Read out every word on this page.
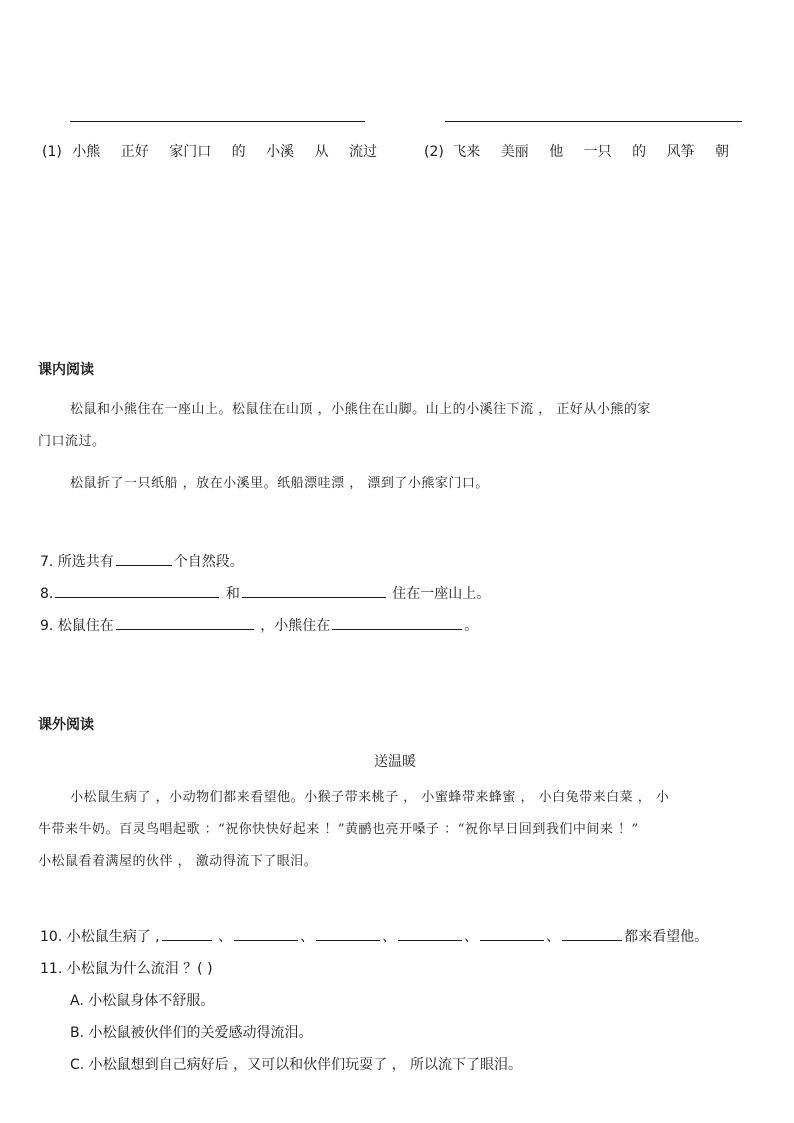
(1) 小熊 正好 家门口 的 小溪 从 流过	(2) 飞来 美丽 他 一只 的 风筝 朝
课内阅读
松鼠和小熊住在一座山上。松鼠住在山顶 ，小熊住在山脚。山上的小溪往下流 ， 正好从小熊的家
门口流过。
松鼠折了一只纸船 ，放在小溪里。纸船漂哇漂 ， 漂到了小熊家门口。
7. 所选共有	个自然段。
8.	和	住在一座山上。
9. 松鼠住在	，小熊住在	。
课外阅读
送温暖
小松鼠生病了 ，小动物们都来看望他。小猴子带来桃子 ， 小蜜蜂带来蜂蜜 ， 小白兔带来白菜 ， 小
牛带来牛奶。百灵鸟唱起歌 ：“祝你快快好起来 ！”黄鹂也亮开嗓子 ：“祝你早日回到我们中间来 ！”
小松鼠看着满屋的伙伴 ， 激动得流下了眼泪。
10. 小松鼠生病了 ,	、	、	、	、	、	都来看望他。
11. 小松鼠为什么流泪 ？( )
A. 小松鼠身体不舒服。
B. 小松鼠被伙伴们的关爱感动得流泪。
C. 小松鼠想到自己病好后 ，又可以和伙伴们玩耍了 ， 所以流下了眼泪。
